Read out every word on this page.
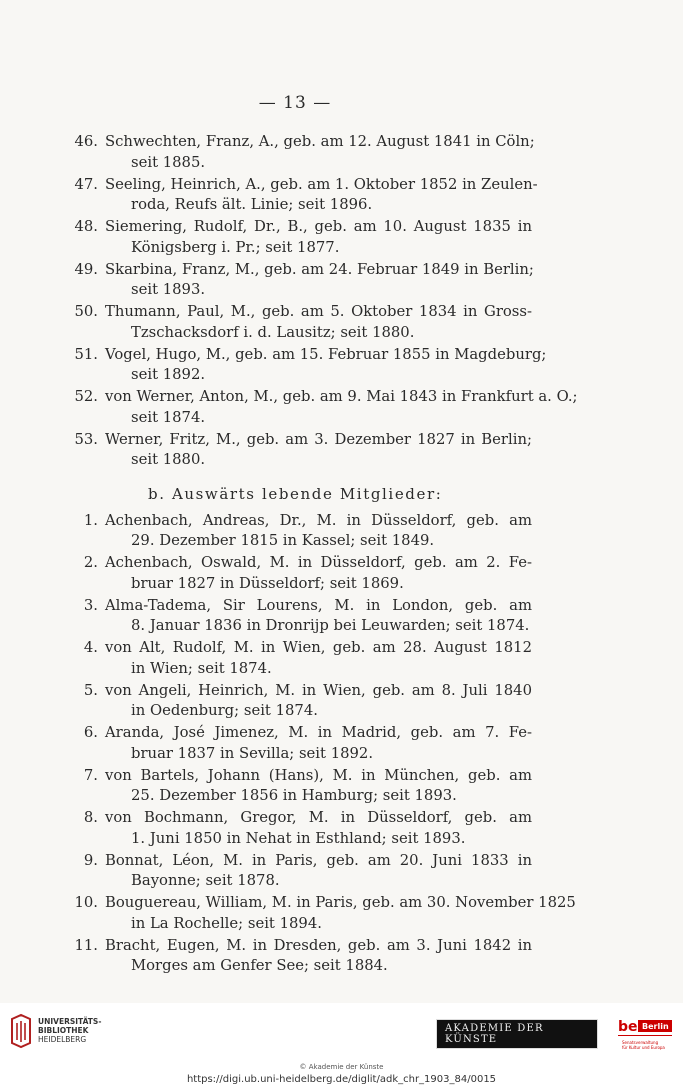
— 13 —
46. Schwechten, Franz, A., geb. am 12. August 1841 in Cöln;
seit 1885.
47. Seeling, Heinrich, A., geb. am 1. Oktober 1852 in Zeulen-
roda, Reufs ält. Linie; seit 1896.
48. Siemering, Rudolf, Dr., B., geb. am 10. August 1835 in
Königsberg i. Pr.; seit 1877.
49. Skarbina, Franz, M., geb. am 24. Februar 1849 in Berlin;
seit 1893.
50. Thumann, Paul, M., geb. am 5. Oktober 1834 in Gross-
Tzschacksdorf i. d. Lausitz; seit 1880.
51. Vogel, Hugo, M., geb. am 15. Februar 1855 in Magdeburg;
seit 1892.
52. von Werner, Anton, M., geb. am 9. Mai 1843 in Frankfurt a. O.;
seit 1874.
53. Werner, Fritz, M., geb. am 3. Dezember 1827 in Berlin;
seit 1880.
b. Auswärts lebende Mitglieder:
1. Achenbach, Andreas, Dr., M. in Düsseldorf, geb. am
29. Dezember 1815 in Kassel; seit 1849.
2. Achenbach, Oswald, M. in Düsseldorf, geb. am 2. Fe-
bruar 1827 in Düsseldorf; seit 1869.
3. Alma-Tadema, Sir Lourens, M. in London, geb. am
8. Januar 1836 in Dronrijp bei Leuwarden; seit 1874.
4. von Alt, Rudolf, M. in Wien, geb. am 28. August 1812
in Wien; seit 1874.
5. von Angeli, Heinrich, M. in Wien, geb. am 8. Juli 1840
in Oedenburg; seit 1874.
6. Aranda, José Jimenez, M. in Madrid, geb. am 7. Fe-
bruar 1837 in Sevilla; seit 1892.
7. von Bartels, Johann (Hans), M. in München, geb. am
25. Dezember 1856 in Hamburg; seit 1893.
8. von Bochmann, Gregor, M. in Düsseldorf, geb. am
1. Juni 1850 in Nehat in Esthland; seit 1893.
9. Bonnat, Léon, M. in Paris, geb. am 20. Juni 1833 in
Bayonne; seit 1878.
10. Bouguereau, William, M. in Paris, geb. am 30. November 1825
in La Rochelle; seit 1894.
11. Bracht, Eugen, M. in Dresden, geb. am 3. Juni 1842 in
Morges am Genfer See; seit 1884.
UNIVERSITÄTS-
BIBLIOTHEK
HEIDELBERG
AKADEMIE DER KÜNSTE
be Berlin
Senatsverwaltung
für Kultur und Europa
© Akademie der Künste
https://digi.ub.uni-heidelberg.de/diglit/adk_chr_1903_84/0015
